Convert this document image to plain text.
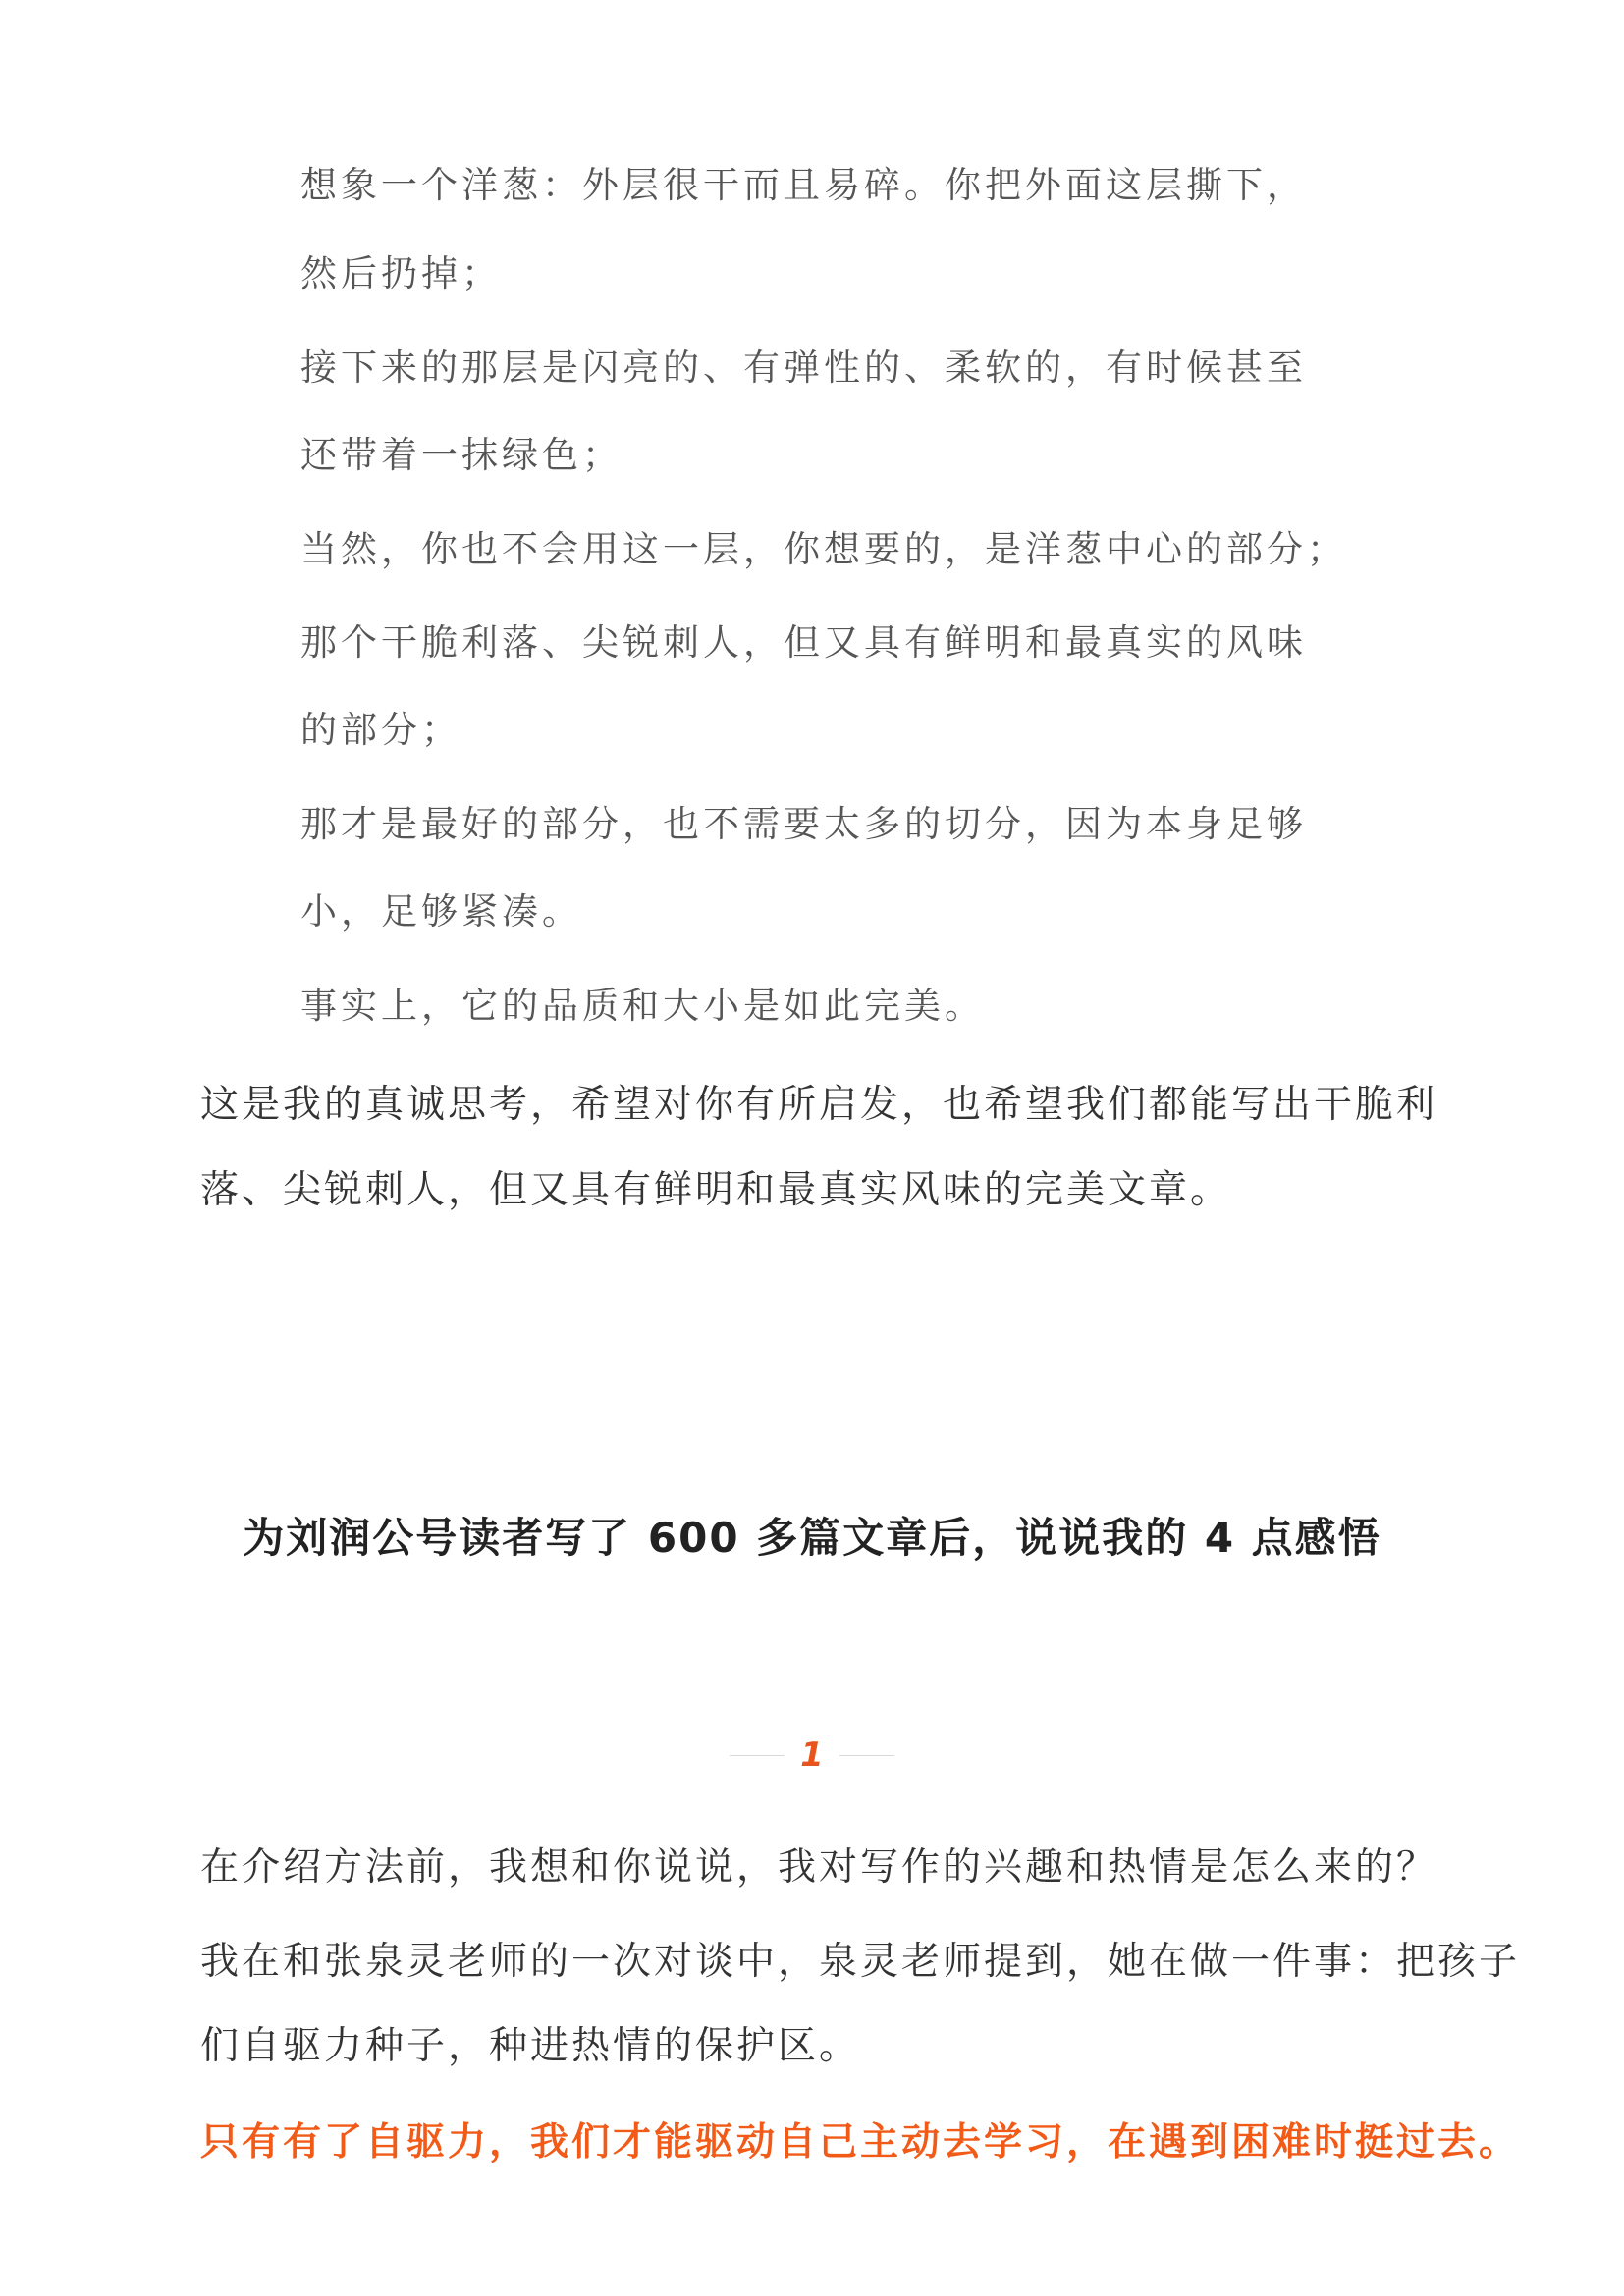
想象一个洋葱：外层很干而且易碎。你把外面这层撕下，
然后扔掉；
接下来的那层是闪亮的、有弹性的、柔软的，有时候甚至
还带着一抹绿色；
当然，你也不会用这一层，你想要的，是洋葱中心的部分；
那个干脆利落、尖锐刺人，但又具有鲜明和最真实的风味
的部分；
那才是最好的部分，也不需要太多的切分，因为本身足够
小，足够紧凑。
事实上，它的品质和大小是如此完美。
这是我的真诚思考，希望对你有所启发，也希望我们都能写出干脆利
落、尖锐刺人，但又具有鲜明和最真实风味的完美文章。
为刘润公号读者写了 600 多篇文章后，说说我的 4 点感悟
1
在介绍方法前，我想和你说说，我对写作的兴趣和热情是怎么来的？
我在和张泉灵老师的一次对谈中，泉灵老师提到，她在做一件事：把孩子
们自驱力种子，种进热情的保护区。
只有有了自驱力，我们才能驱动自己主动去学习，在遇到困难时挺过去。
